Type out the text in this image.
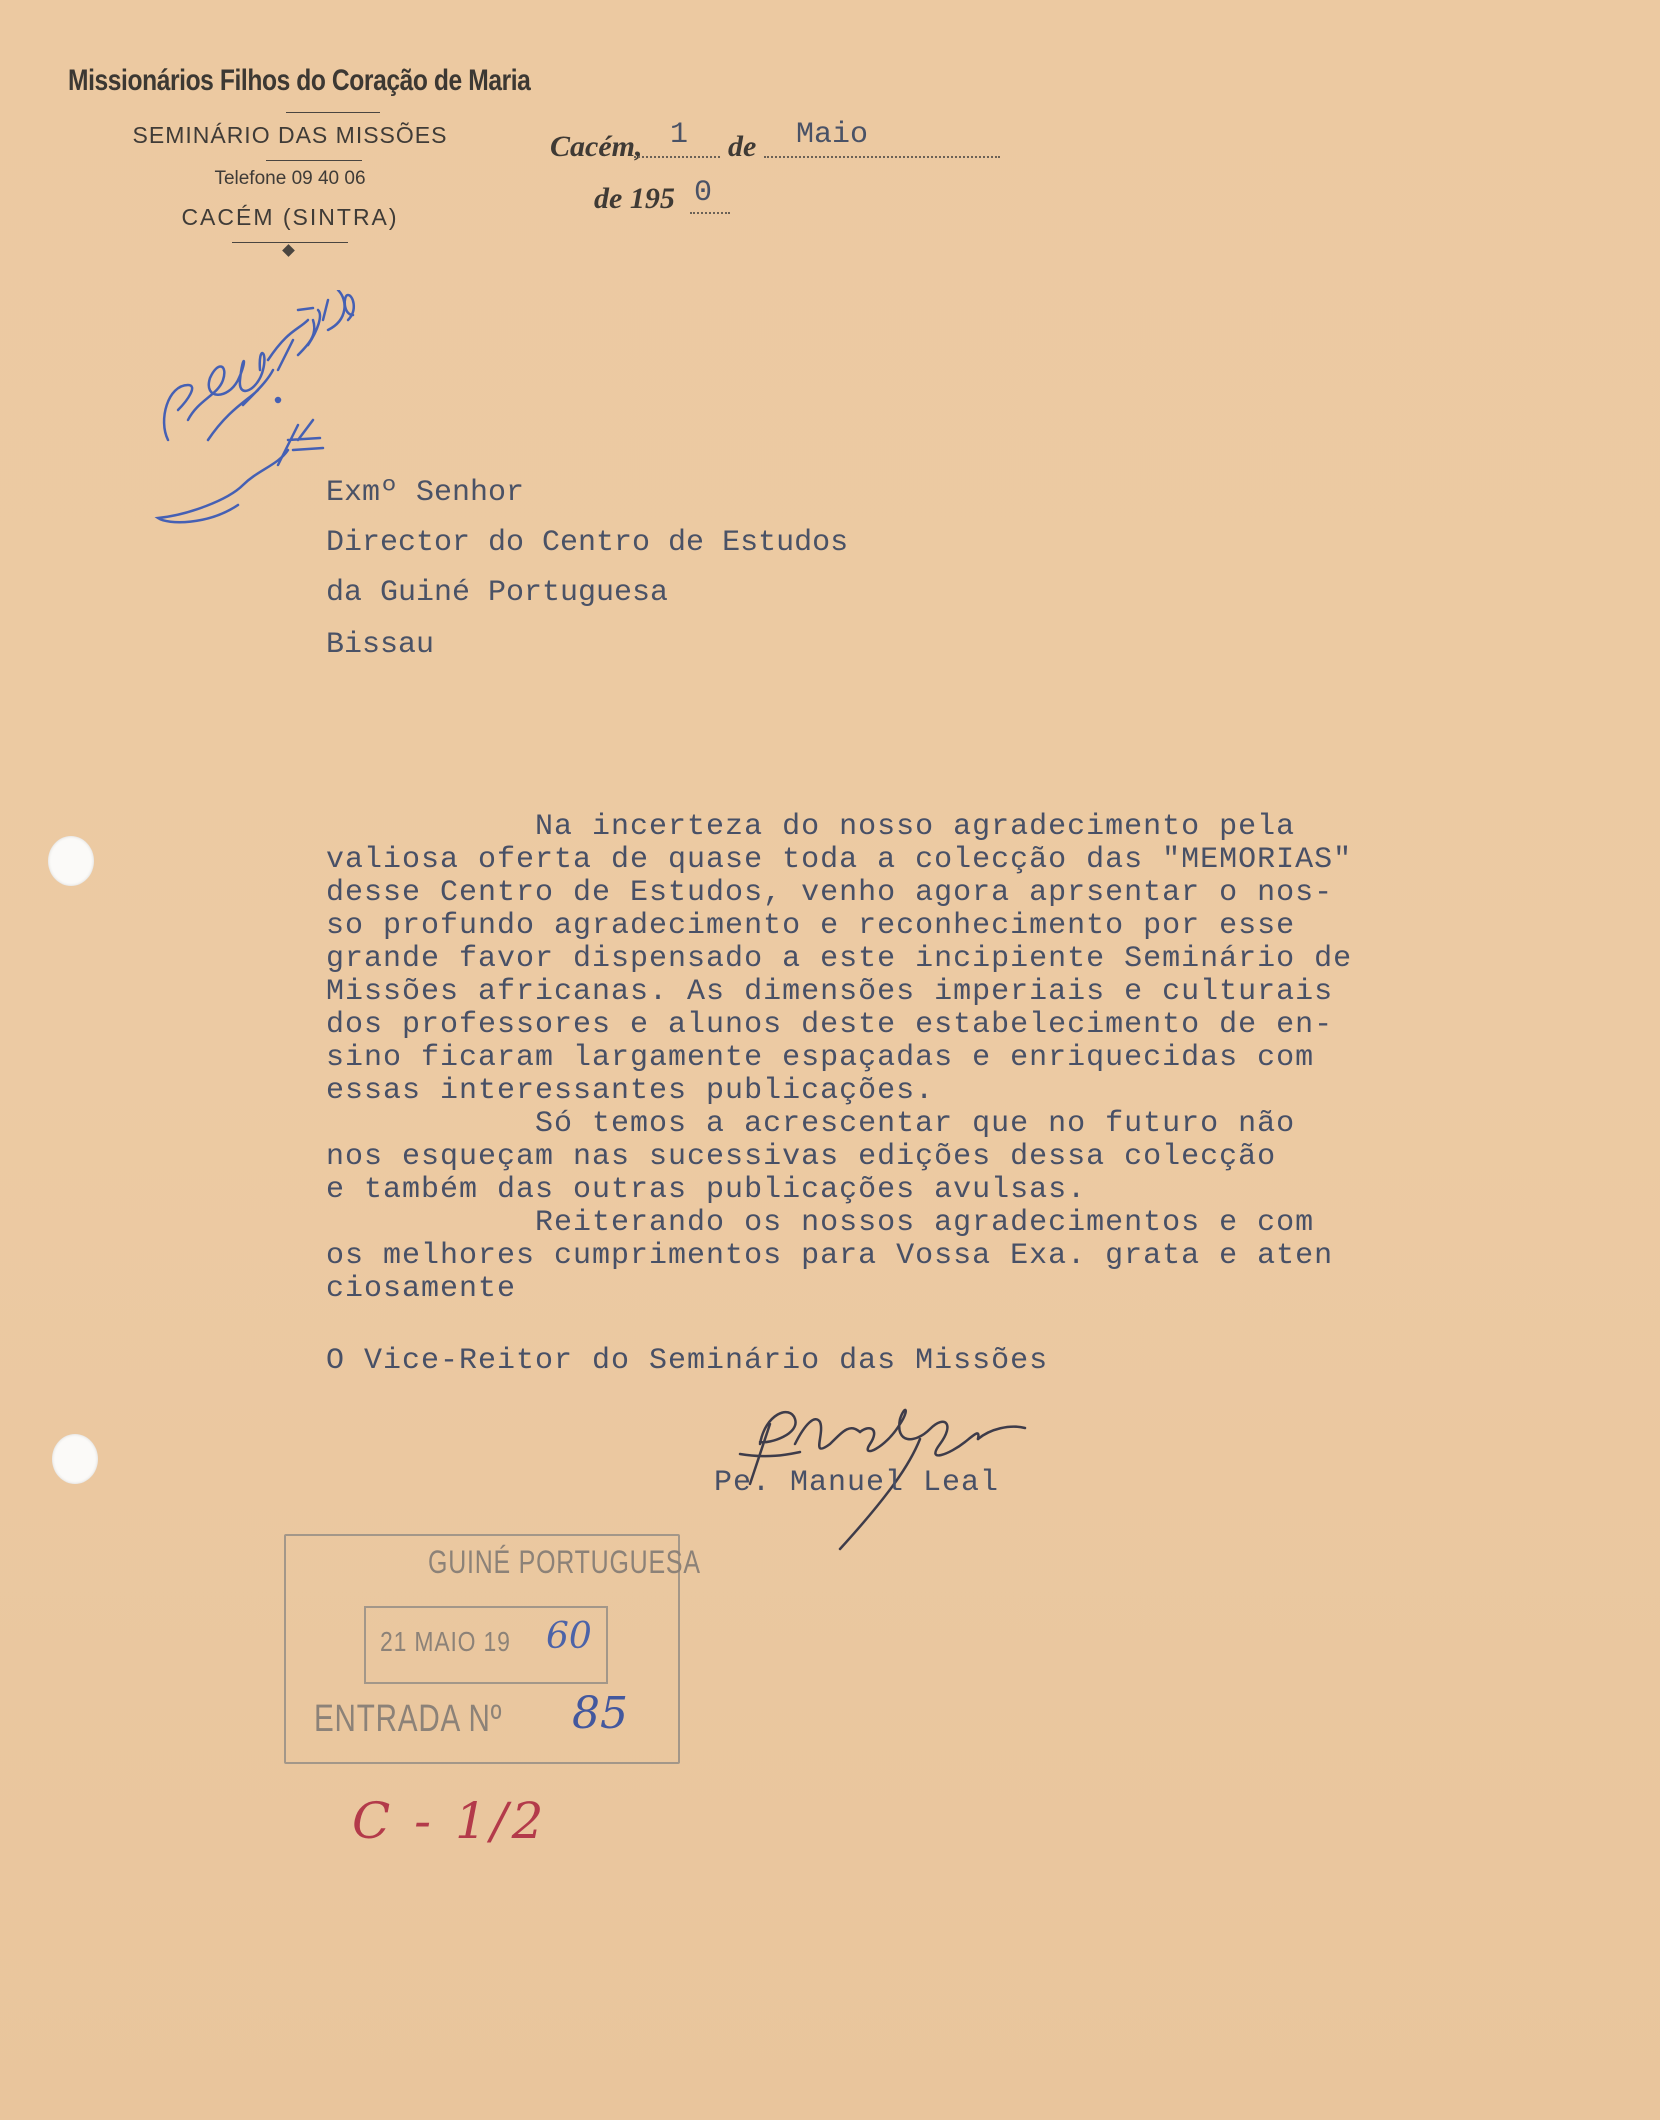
Missionários Filhos do Coração de Maria
SEMINÁRIO DAS MISSÕES
Telefone 09 40 06
CACÉM (SINTRA)
Cacém, 1 de Maio
de 195 0
Exmº Senhor
Director do Centro de Estudos
da Guiné Portuguesa
Bissau
Na incerteza do nosso agradecimento pela
valiosa oferta de quase toda a colecção das "MEMORIAS"
desse Centro de Estudos, venho agora aprsentar o nos-
so profundo agradecimento e reconhecimento por esse
grande favor dispensado a este incipiente Seminário de
Missões africanas. As dimensões imperiais e culturais
dos professores e alunos deste estabelecimento de en-
sino ficaram largamente espaçadas e enriquecidas com
essas interessantes publicações.
Só temos a acrescentar que no futuro não
nos esqueçam nas sucessivas edições dessa colecção
e também das outras publicações avulsas.
Reiterando os nossos agradecimentos e com
os melhores cumprimentos para Vossa Exa. grata e aten
ciosamente
O Vice-Reitor do Seminário das Missões
Pe. Manuel Leal
GUINÉ PORTUGUESA
21 MAIO 19 60
ENTRADA Nº 85
C - 1/2
